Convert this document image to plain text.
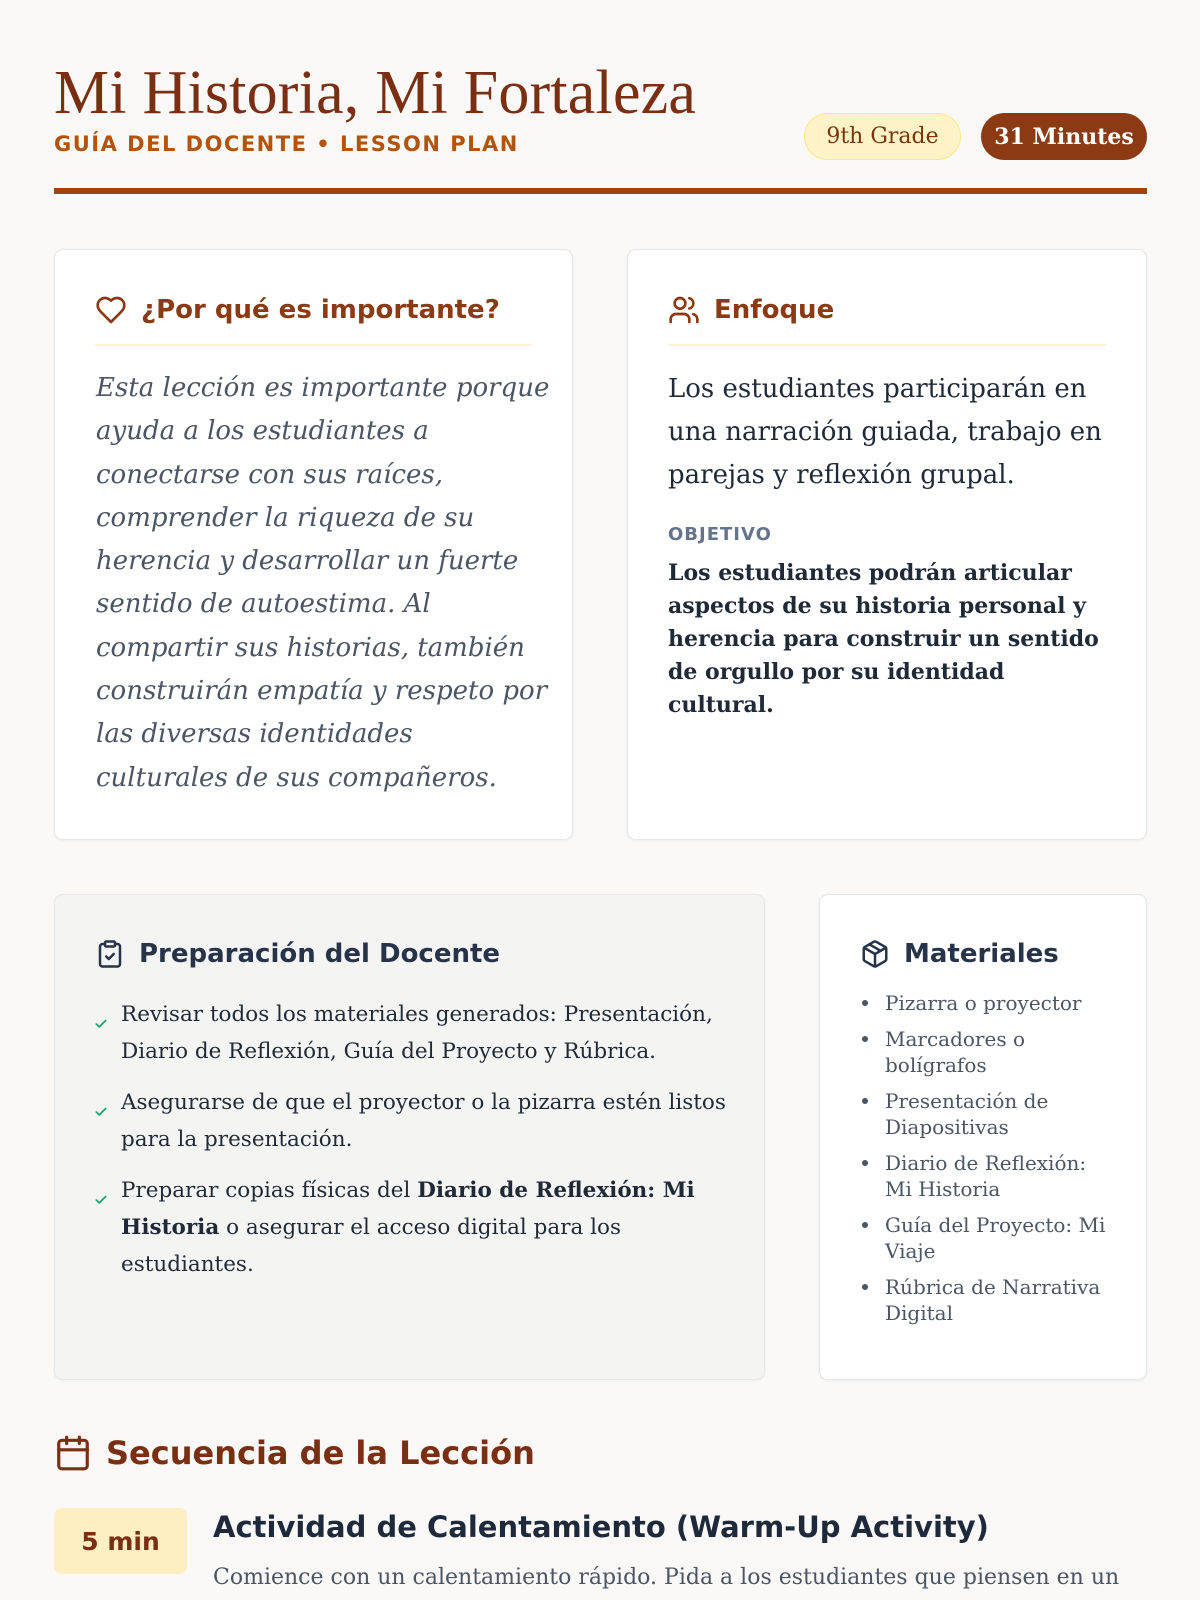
Mi Historia, Mi Fortaleza
GUÍA DEL DOCENTE • LESSON PLAN	9th Grade	31 Minutes
¿Por qué es importante?

Esta lección es importante porque ayuda a los estudiantes a conectarse con sus raíces, comprender la riqueza de su herencia y desarrollar un fuerte sentido de autoestima. Al compartir sus historias, también construirán empatía y respeto por las diversas identidades culturales de sus compañeros.

Enfoque

Los estudiantes participarán en una narración guiada, trabajo en parejas y reflexión grupal.

OBJETIVO

Los estudiantes podrán articular aspectos de su historia personal y herencia para construir un sentido de orgullo por su identidad cultural.

Preparación del Docente
Revisar todos los materiales generados: Presentación, Diario de Reflexión, Guía del Proyecto y Rúbrica.
Asegurarse de que el proyector o la pizarra estén listos para la presentación.
Preparar copias físicas del Diario de Reflexión: Mi Historia o asegurar el acceso digital para los estudiantes.
Materiales
Pizarra o proyector
Marcadores o bolígrafos
Presentación de Diapositivas
Diario de Reflexión: Mi Historia
Guía del Proyecto: Mi Viaje
Rúbrica de Narrativa Digital
Secuencia de la Lección
5 min	Actividad de Calentamiento (Warm-Up Activity)
Comience con un calentamiento rápido. Pida a los estudiantes que piensen en un
